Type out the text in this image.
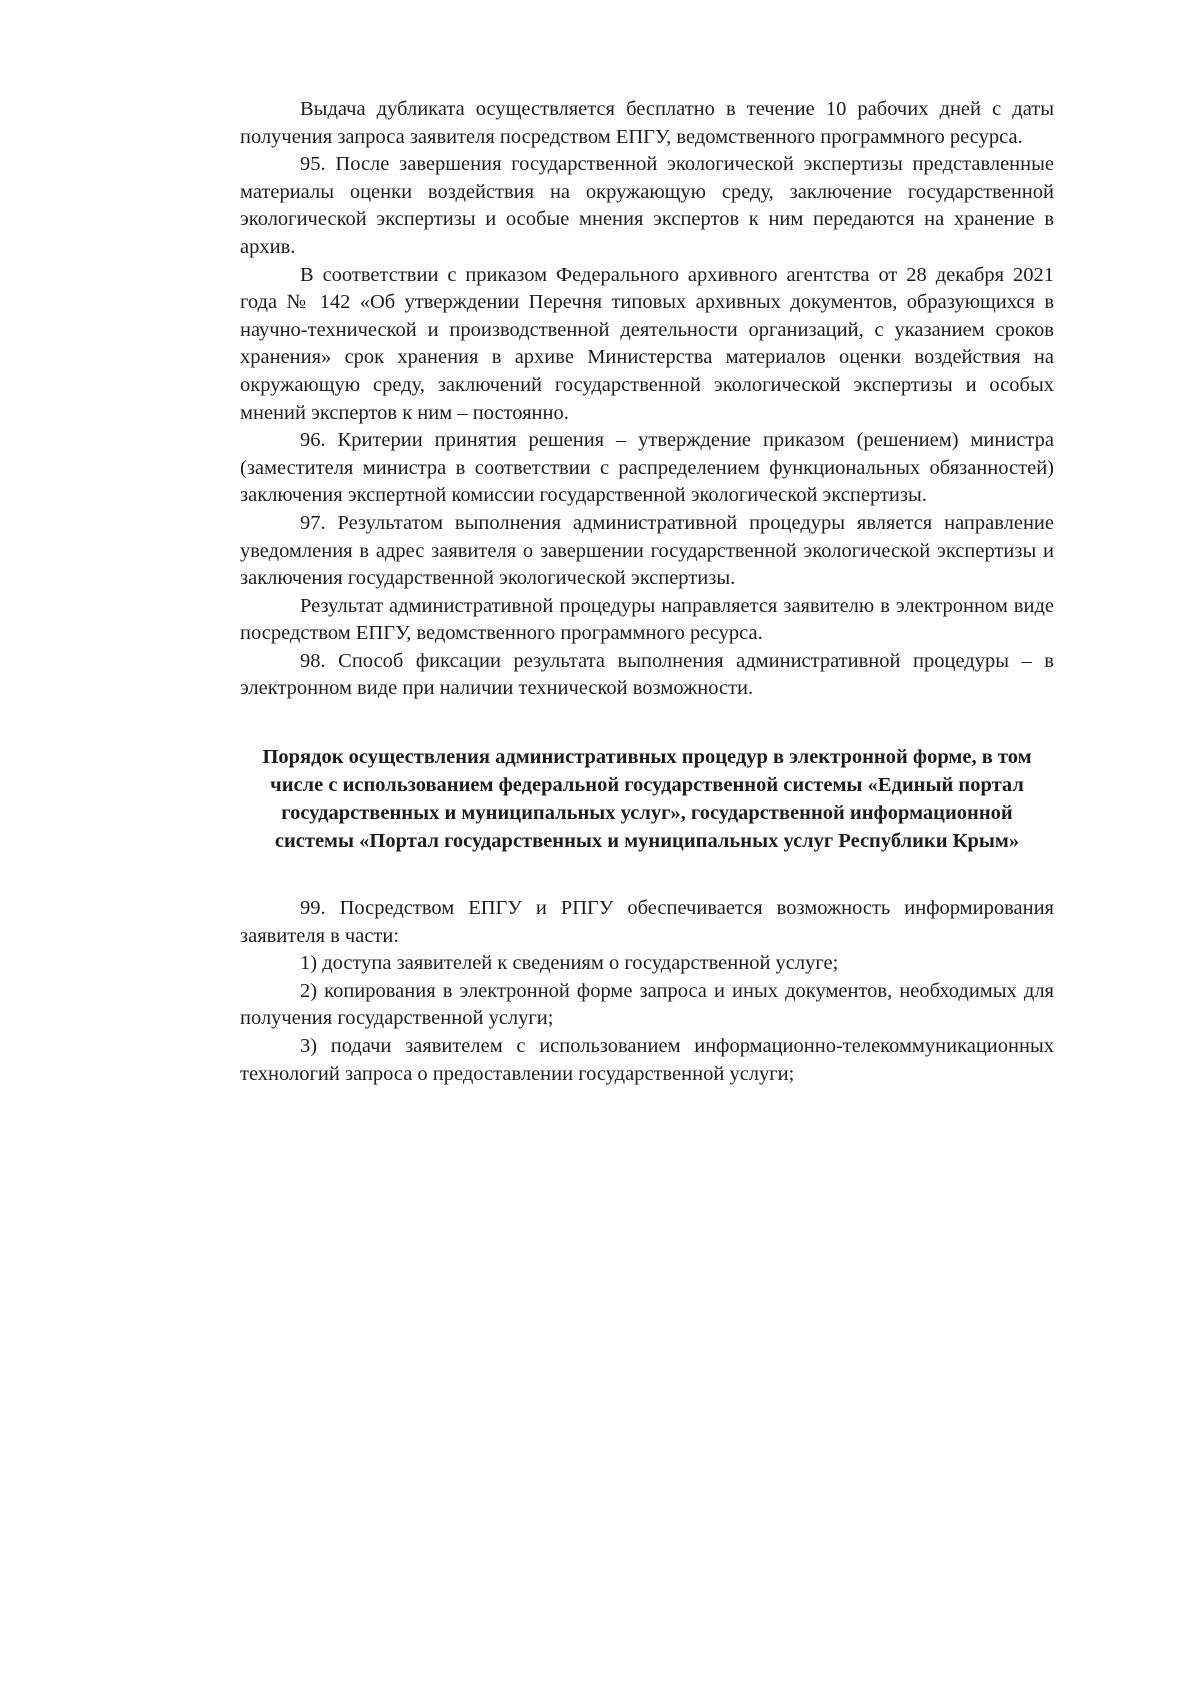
Выдача дубликата осуществляется бесплатно в течение 10 рабочих дней с даты получения запроса заявителя посредством ЕПГУ, ведомственного программного ресурса.

95. После завершения государственной экологической экспертизы представленные материалы оценки воздействия на окружающую среду, заключение государственной экологической экспертизы и особые мнения экспертов к ним передаются на хранение в архив.

В соответствии с приказом Федерального архивного агентства от 28 декабря 2021 года № 142 «Об утверждении Перечня типовых архивных документов, образующихся в научно-технической и производственной деятельности организаций, с указанием сроков хранения» срок хранения в архиве Министерства материалов оценки воздействия на окружающую среду, заключений государственной экологической экспертизы и особых мнений экспертов к ним – постоянно.

96. Критерии принятия решения – утверждение приказом (решением) министра (заместителя министра в соответствии с распределением функциональных обязанностей) заключения экспертной комиссии государственной экологической экспертизы.

97. Результатом выполнения административной процедуры является направление уведомления в адрес заявителя о завершении государственной экологической экспертизы и заключения государственной экологической экспертизы.

Результат административной процедуры направляется заявителю в электронном виде посредством ЕПГУ, ведомственного программного ресурса.

98. Способ фиксации результата выполнения административной процедуры – в электронном виде при наличии технической возможности.

Порядок осуществления административных процедур в электронной форме, в том числе с использованием федеральной государственной системы «Единый портал государственных и муниципальных услуг», государственной информационной системы «Портал государственных и муниципальных услуг Республики Крым»

99. Посредством ЕПГУ и РПГУ обеспечивается возможность информирования заявителя в части:

1) доступа заявителей к сведениям о государственной услуге;

2) копирования в электронной форме запроса и иных документов, необходимых для получения государственной услуги;

3) подачи заявителем с использованием информационно-телекоммуникационных технологий запроса о предоставлении государственной услуги;
